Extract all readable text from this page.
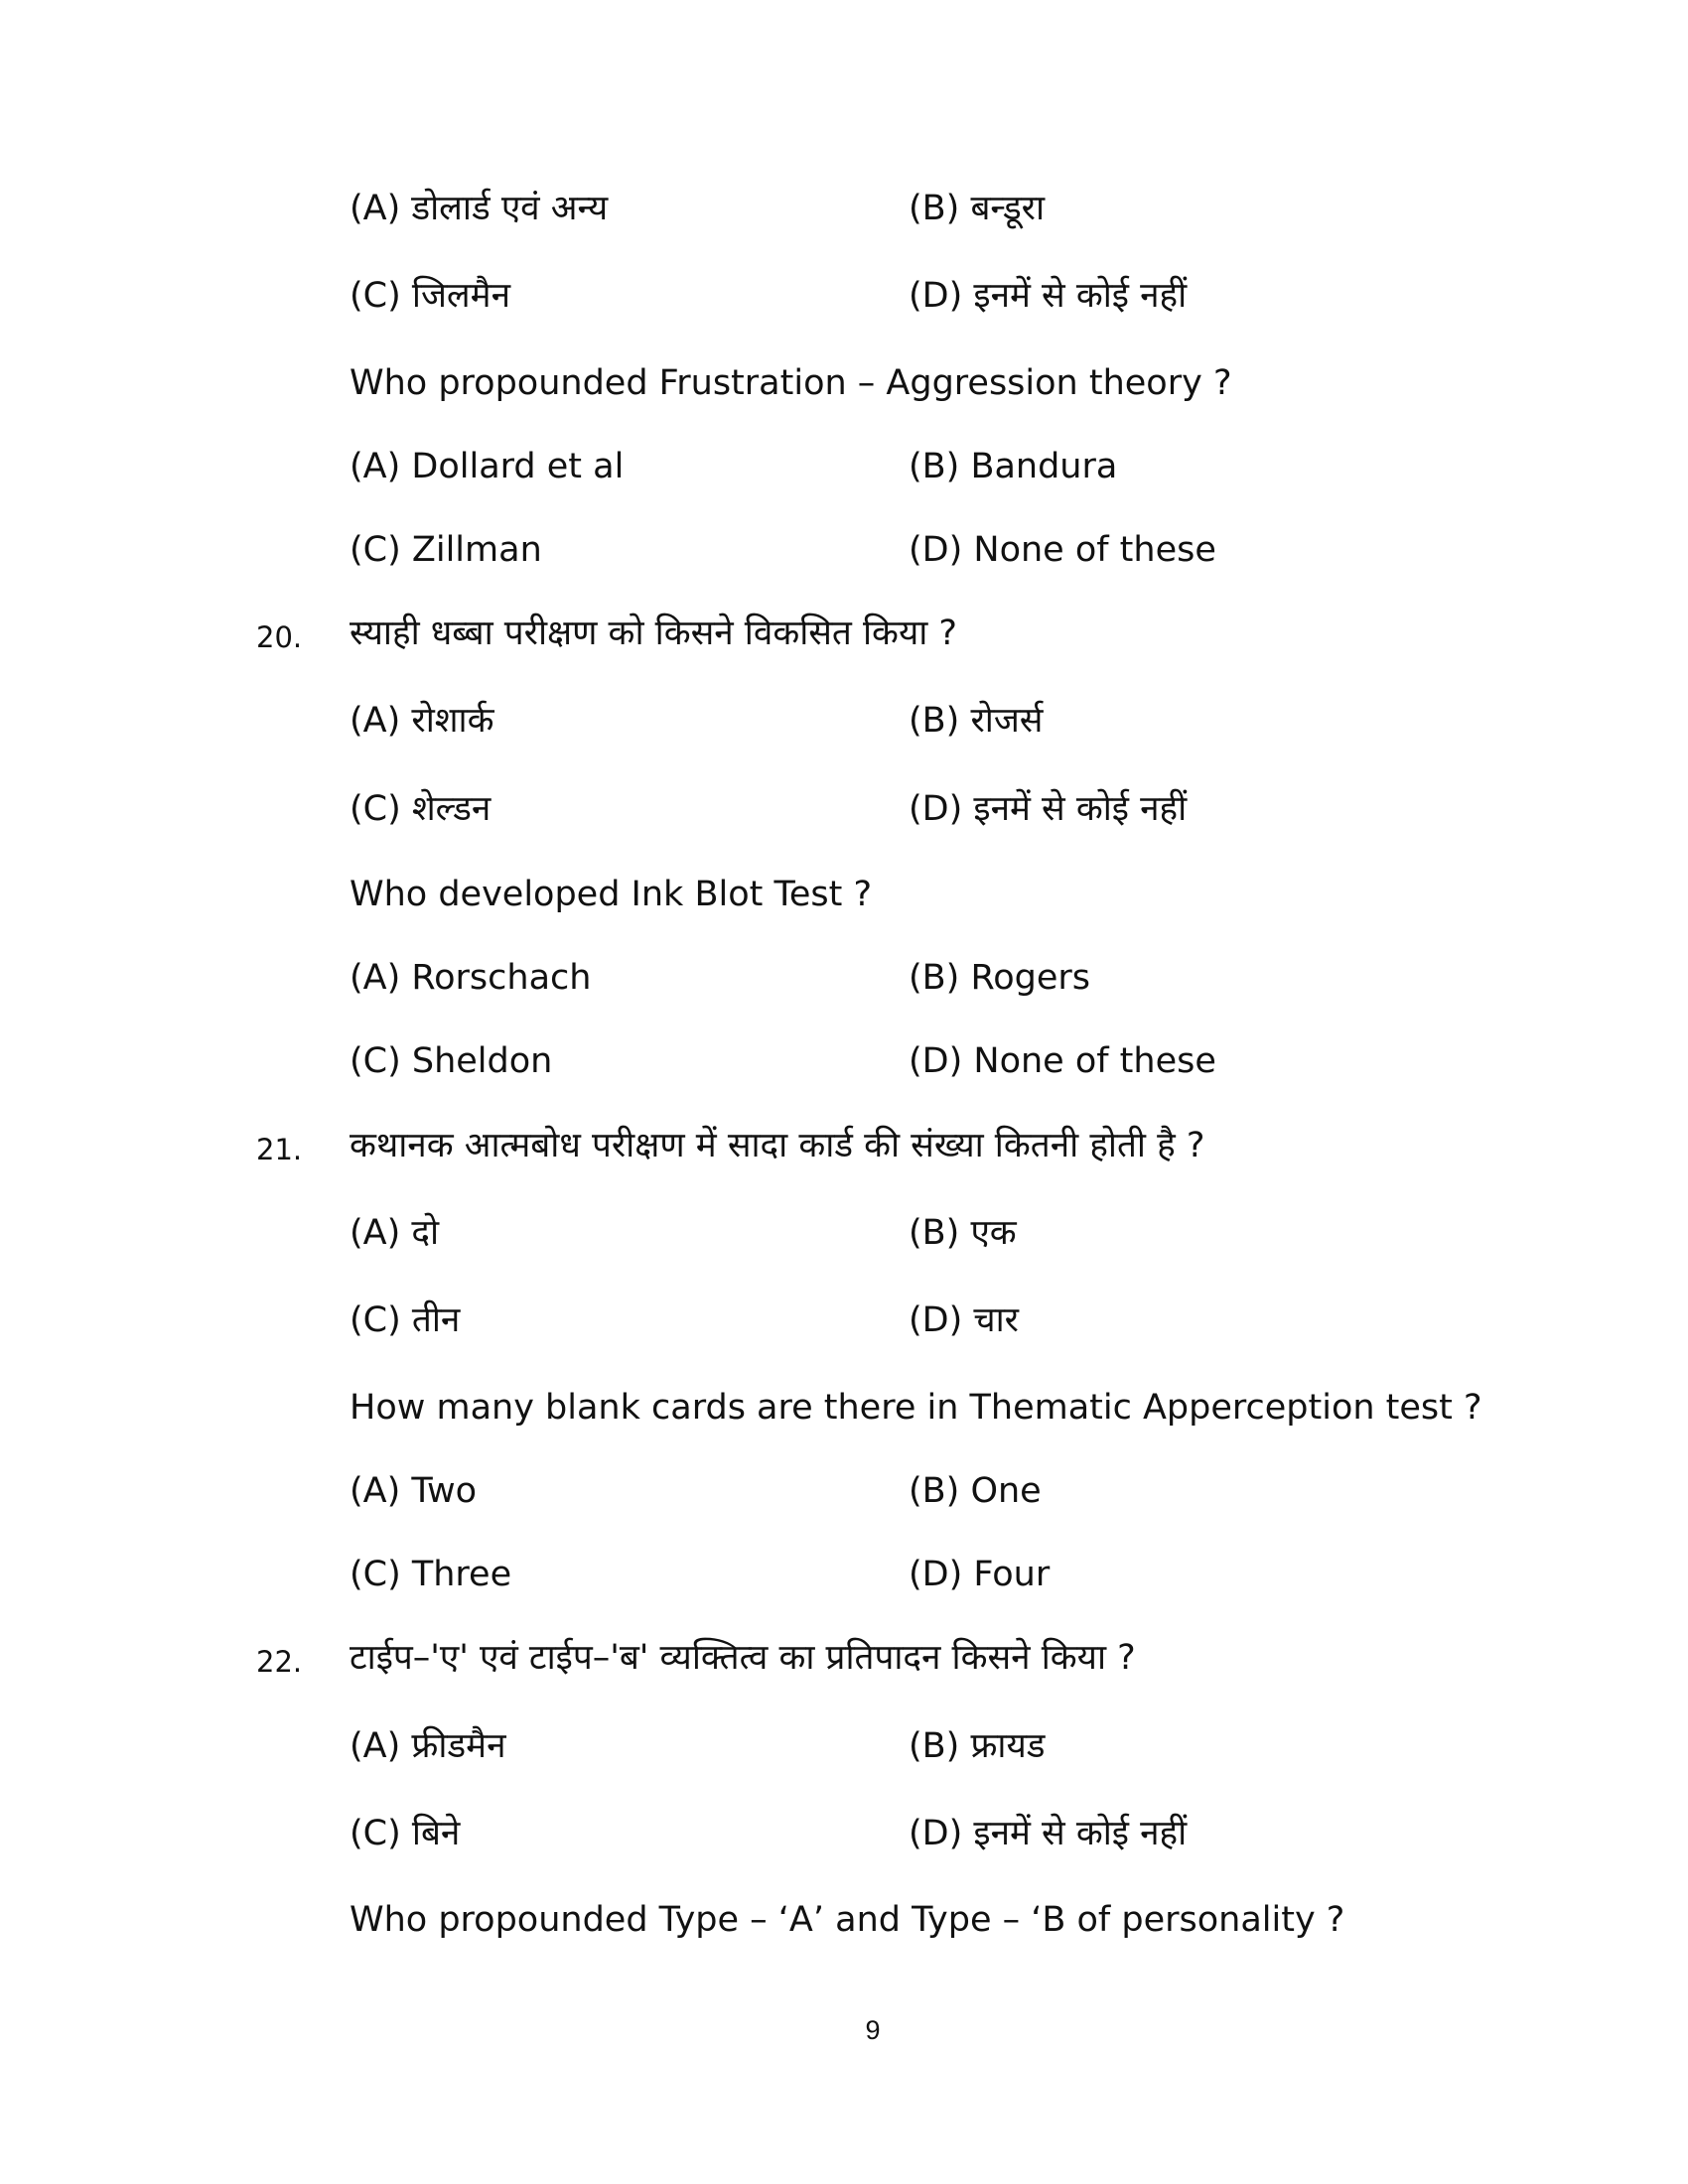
(A) डोलार्ड एवं अन्य	(B) बन्डूरा
(C) जिलमैन	(D) इनमें से कोई नहीं
Who propounded Frustration – Aggression theory ?
(A) Dollard et al	(B) Bandura
(C) Zillman	(D) None of these
20. स्याही धब्बा परीक्षण को किसने विकसित किया ?
(A) रोशार्क	(B) रोजर्स
(C) शेल्डन	(D) इनमें से कोई नहीं
Who developed Ink Blot Test ?
(A) Rorschach	(B) Rogers
(C) Sheldon	(D) None of these
21. कथानक आत्मबोध परीक्षण में सादा कार्ड की संख्या कितनी होती है ?
(A) दो	(B) एक
(C) तीन	(D) चार
How many blank cards are there in Thematic Apperception test ?
(A) Two	(B) One
(C) Three	(D) Four
22. टाईप–'ए' एवं टाईप–'ब' व्यक्तित्व का प्रतिपादन किसने किया ?
(A) फ्रीडमैन	(B) फ्रायड
(C) बिने	(D) इनमें से कोई नहीं
Who propounded Type – ‘A’ and Type – ‘B of personality ?
9
